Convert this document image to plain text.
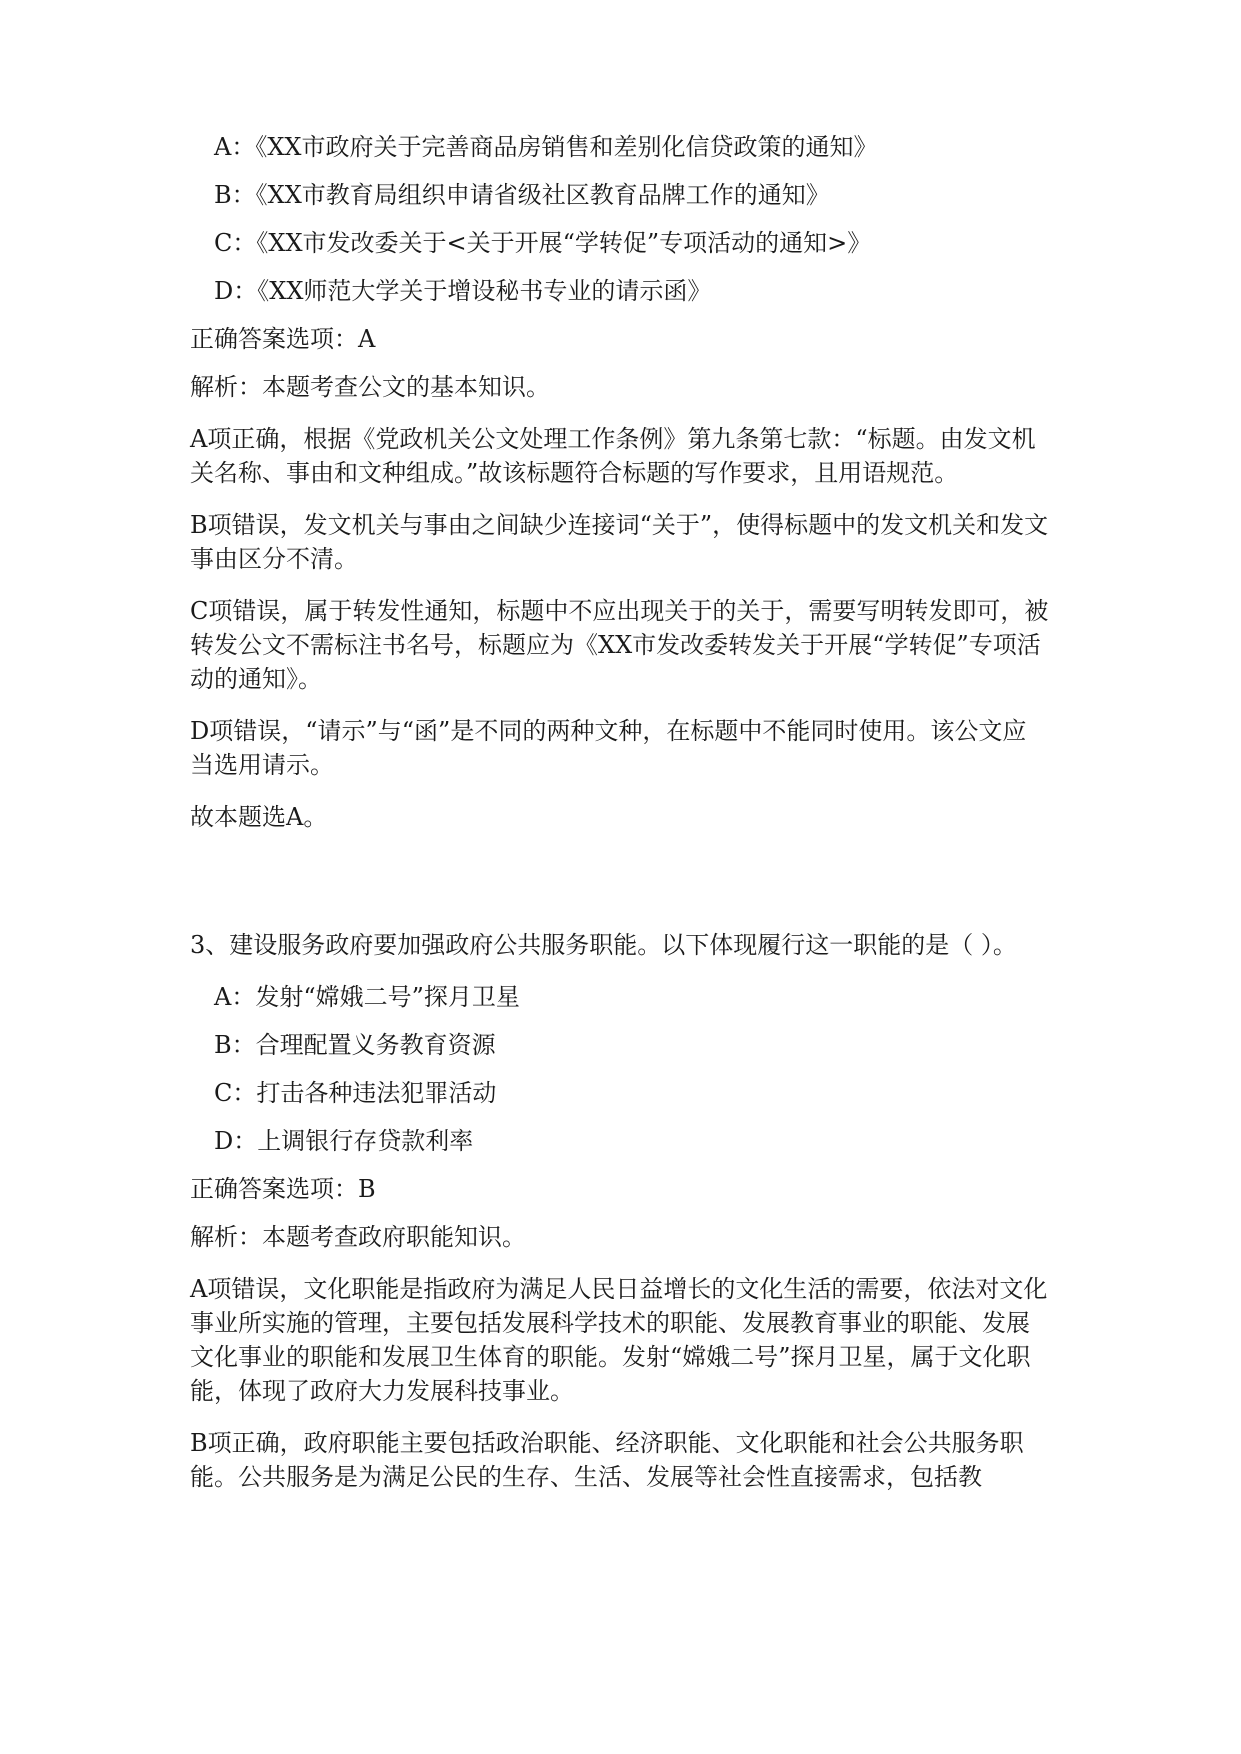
A：《XX市政府关于完善商品房销售和差别化信贷政策的通知》

B：《XX市教育局组织申请省级社区教育品牌工作的通知》

C：《XX市发改委关于<关于开展“学转促”专项活动的通知>》

D：《XX师范大学关于增设秘书专业的请示函》

正确答案选项：A

解析：本题考查公文的基本知识。

A项正确，根据《党政机关公文处理工作条例》第九条第七款：“标题。由发文机关名称、事由和文种组成。”故该标题符合标题的写作要求，且用语规范。

B项错误，发文机关与事由之间缺少连接词“关于”，使得标题中的发文机关和发文事由区分不清。

C项错误，属于转发性通知，标题中不应出现关于的关于，需要写明转发即可，被转发公文不需标注书名号，标题应为《XX市发改委转发关于开展“学转促”专项活动的通知》。

D项错误，“请示”与“函”是不同的两种文种，在标题中不能同时使用。该公文应当选用请示。

故本题选A。

3、建设服务政府要加强政府公共服务职能。以下体现履行这一职能的是（ ）。

A：发射“嫦娥二号”探月卫星

B：合理配置义务教育资源

C：打击各种违法犯罪活动

D：上调银行存贷款利率

正确答案选项：B

解析：本题考查政府职能知识。

A项错误，文化职能是指政府为满足人民日益增长的文化生活的需要，依法对文化事业所实施的管理，主要包括发展科学技术的职能、发展教育事业的职能、发展文化事业的职能和发展卫生体育的职能。发射“嫦娥二号”探月卫星，属于文化职能，体现了政府大力发展科技事业。

B项正确，政府职能主要包括政治职能、经济职能、文化职能和社会公共服务职能。公共服务是为满足公民的生存、生活、发展等社会性直接需求，包括教
